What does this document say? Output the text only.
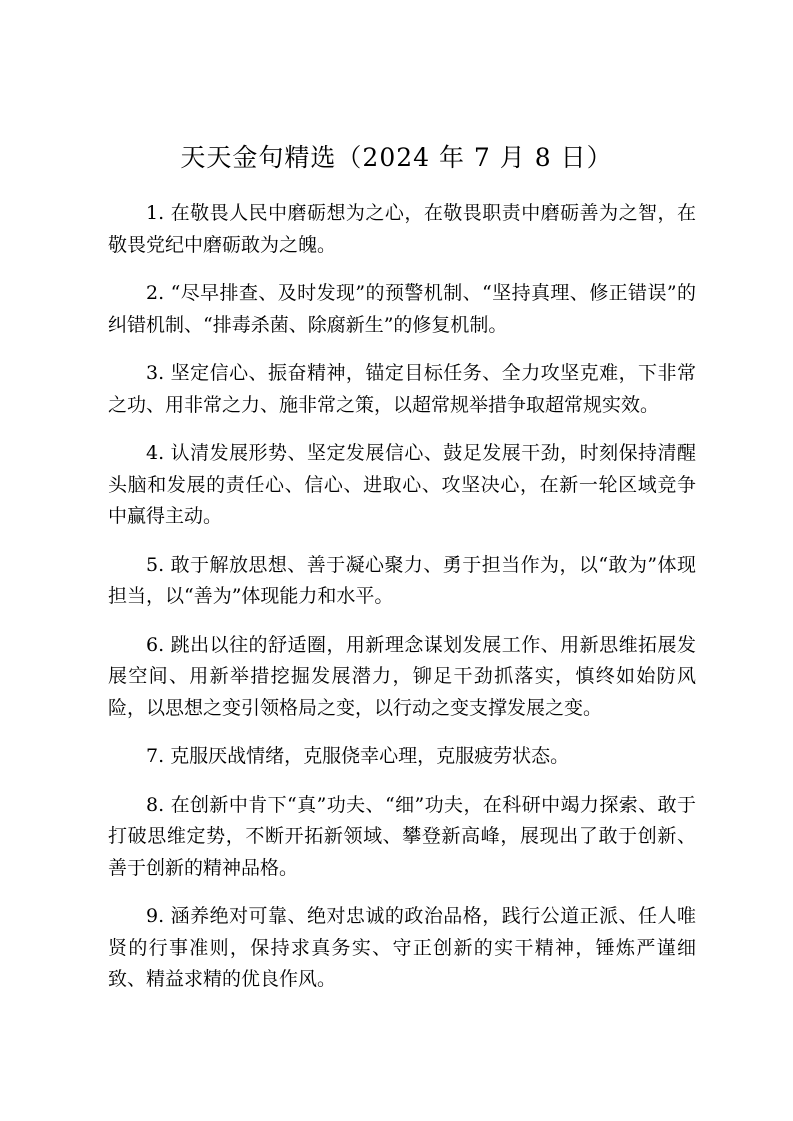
天天金句精选（2024 年 7 月 8 日）

1. 在敬畏人民中磨砺想为之心，在敬畏职责中磨砺善为之智，在敬畏党纪中磨砺敢为之魄。

2. “尽早排查、及时发现”的预警机制、“坚持真理、修正错误”的纠错机制、“排毒杀菌、除腐新生”的修复机制。

3. 坚定信心、振奋精神，锚定目标任务、全力攻坚克难，下非常之功、用非常之力、施非常之策，以超常规举措争取超常规实效。

4. 认清发展形势、坚定发展信心、鼓足发展干劲，时刻保持清醒头脑和发展的责任心、信心、进取心、攻坚决心，在新一轮区域竞争中赢得主动。

5. 敢于解放思想、善于凝心聚力、勇于担当作为，以“敢为”体现担当，以“善为”体现能力和水平。

6. 跳出以往的舒适圈，用新理念谋划发展工作、用新思维拓展发展空间、用新举措挖掘发展潜力，铆足干劲抓落实，慎终如始防风险，以思想之变引领格局之变，以行动之变支撑发展之变。

7. 克服厌战情绪，克服侥幸心理，克服疲劳状态。

8. 在创新中肯下“真”功夫、“细”功夫，在科研中竭力探索、敢于打破思维定势，不断开拓新领域、攀登新高峰，展现出了敢于创新、善于创新的精神品格。

9. 涵养绝对可靠、绝对忠诚的政治品格，践行公道正派、任人唯贤的行事准则，保持求真务实、守正创新的实干精神，锤炼严谨细致、精益求精的优良作风。
